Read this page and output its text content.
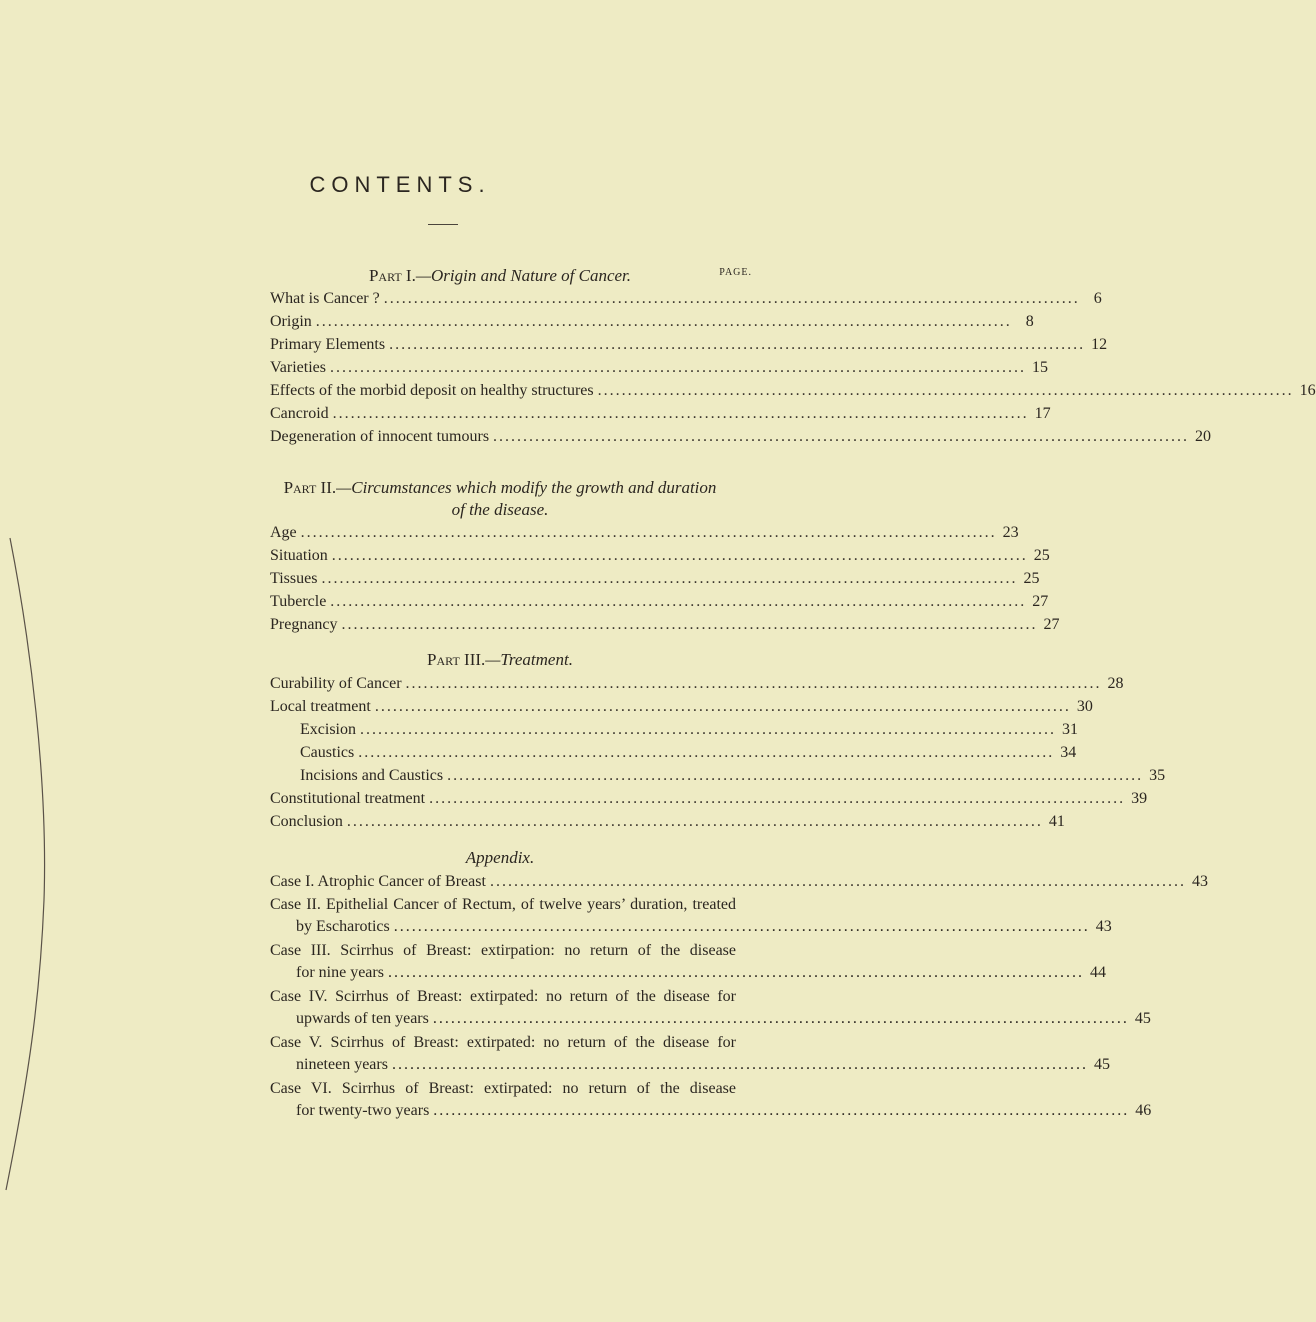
CONTENTS.
Part I.—Origin and Nature of Cancer.	PAGE.
What is Cancer ? .................................................................................................................... 6
Origin .................................................................................................................... 8
Primary Elements .................................................................................................................... 12
Varieties .................................................................................................................... 15
Effects of the morbid deposit on healthy structures .................................................................................................................... 16
Cancroid .................................................................................................................... 17
Degeneration of innocent tumours .................................................................................................................... 20
Part II.—Circumstances which modify the growth and duration
of the disease.
Age .................................................................................................................... 23
Situation .................................................................................................................... 25
Tissues .................................................................................................................... 25
Tubercle .................................................................................................................... 27
Pregnancy .................................................................................................................... 27
Part III.—Treatment.
Curability of Cancer .................................................................................................................... 28
Local treatment .................................................................................................................... 30
Excision .................................................................................................................... 31
Caustics .................................................................................................................... 34
Incisions and Caustics .................................................................................................................... 35
Constitutional treatment .................................................................................................................... 39
Conclusion .................................................................................................................... 41
Appendix.
Case I. Atrophic Cancer of Breast .................................................................................................................... 43
Case II. Epithelial Cancer of Rectum, of twelve years’ duration, treated
by Escharotics .................................................................................................................... 43
Case III. Scirrhus of Breast: extirpation: no return of the disease
for nine years .................................................................................................................... 44
Case IV. Scirrhus of Breast: extirpated: no return of the disease for
upwards of ten years .................................................................................................................... 45
Case V. Scirrhus of Breast: extirpated: no return of the disease for
nineteen years .................................................................................................................... 45
Case VI. Scirrhus of Breast: extirpated: no return of the disease
for twenty-two years .................................................................................................................... 46
